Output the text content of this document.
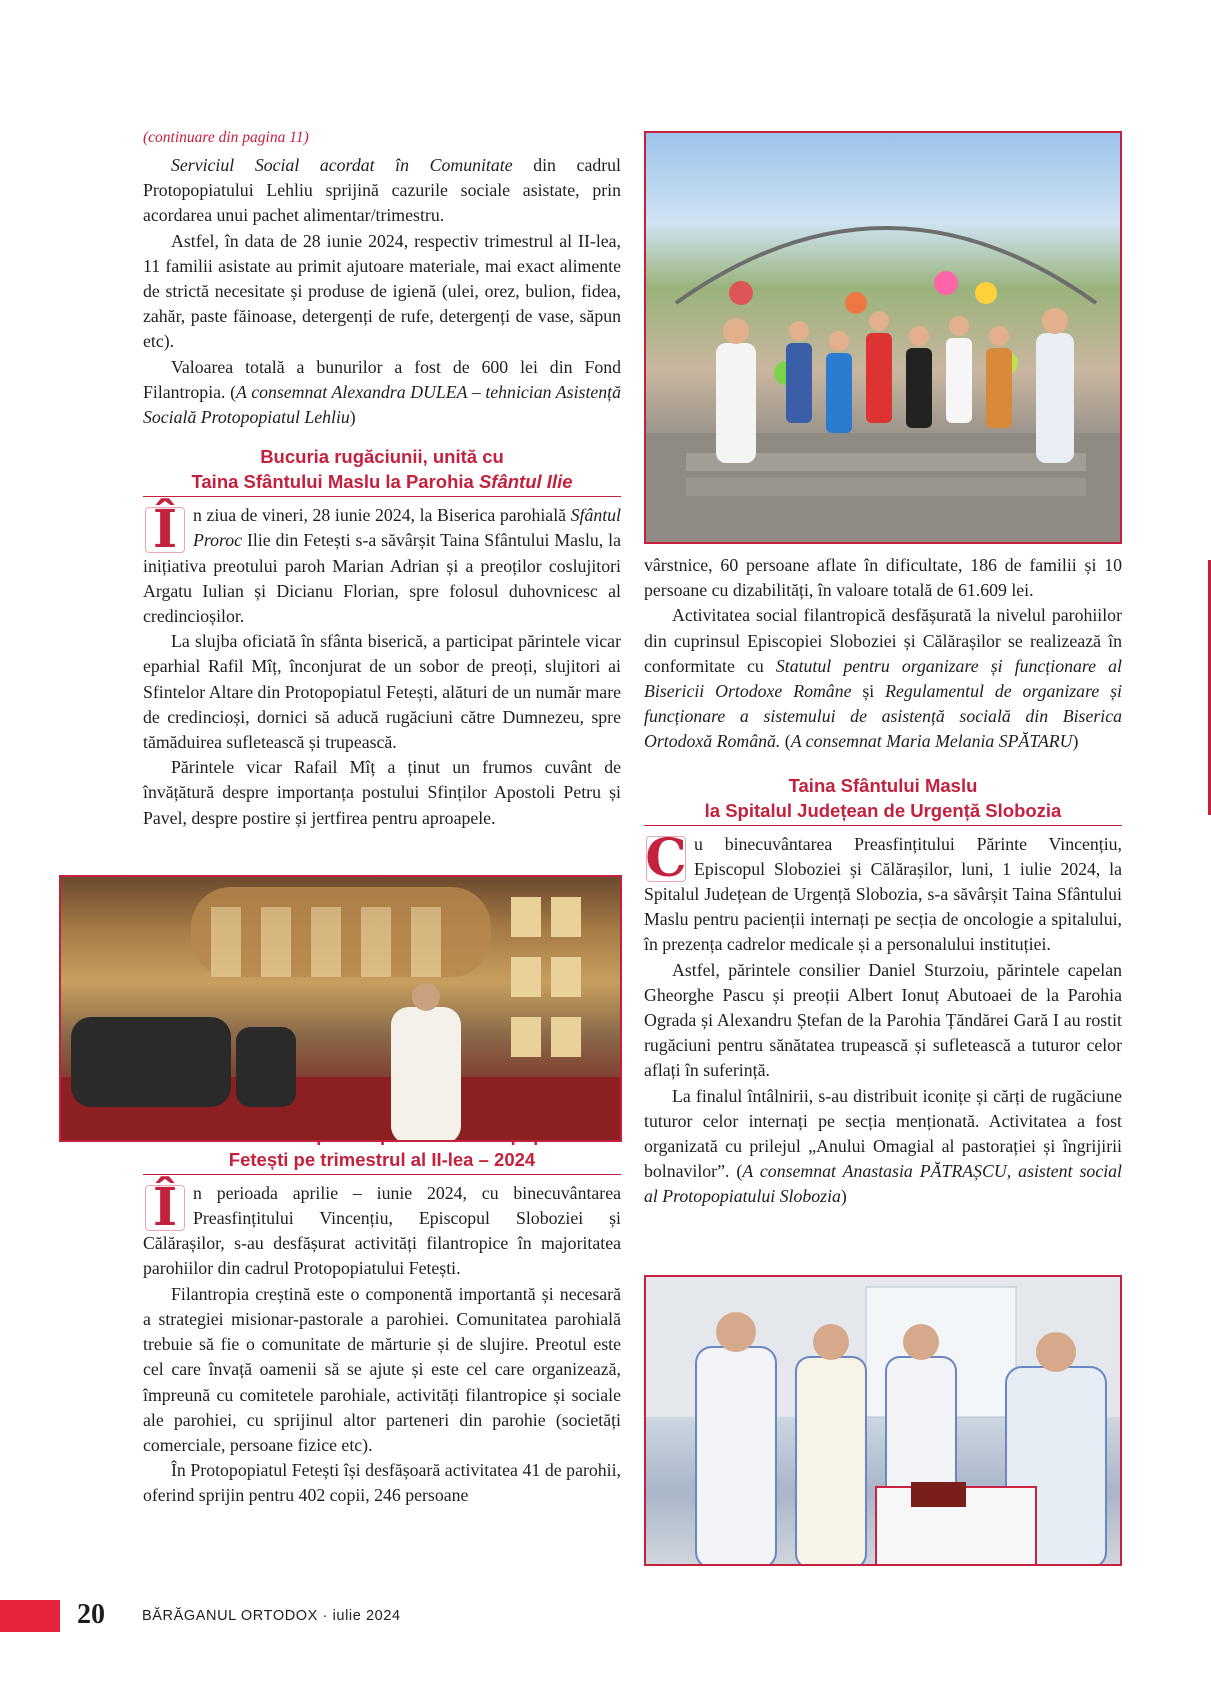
(continuare din pagina 11)

Serviciul Social acordat în Comunitate din cadrul Protopopiatului Lehliu sprijină cazurile sociale asistate, prin acordarea unui pachet alimentar/trimestru.

Astfel, în data de 28 iunie 2024, respectiv trimestrul al II-lea, 11 familii asistate au primit ajutoare materiale, mai exact alimente de strictă necesitate și produse de igienă (ulei, orez, bulion, fidea, zahăr, paste făinoase, detergenți de rufe, detergenți de vase, săpun etc).

Valoarea totală a bunurilor a fost de 600 lei din Fond Filantropia. (A consemnat Alexandra DULEA – tehnician Asistență Socială Protopopiatul Lehliu)

Bucuria rugăciunii, unită cu
Taina Sfântului Maslu la Parohia Sfântul Ilie

În ziua de vineri, 28 iunie 2024, la Biserica parohială Sfântul Proroc Ilie din Fetești s-a săvârșit Taina Sfântului Maslu, la inițiativa preotului paroh Marian Adrian și a preoților coslujitori Argatu Iulian și Dicianu Florian, spre folosul duhovnicesc al credincioșilor.

La slujba oficiată în sfânta biserică, a participat părintele vicar eparhial Rafil Mîț, înconjurat de un sobor de preoți, slujitori ai Sfintelor Altare din Protopopiatul Fetești, alături de un număr mare de credincioși, dornici să aducă rugăciuni către Dumnezeu, spre tămăduirea sufletească și trupească.

Părintele vicar Rafail Mîț a ținut un frumos cuvânt de învățătură despre importanța postului Sfinților Apostoli Petru și Pavel, despre postire și jertfirea pentru aproapele.

Fetești pe trimestrul al II-lea – 2024

În perioada aprilie – iunie 2024, cu binecuvântarea Preasfințitului Vincențiu, Episcopul Sloboziei și Călărașilor, s-au desfășurat activități filantropice în majoritatea parohiilor din cadrul Protopopiatului Fetești.

Filantropia creștină este o componentă importantă și necesară a strategiei misionar-pastorale a parohiei. Comunitatea parohială trebuie să fie o comunitate de mărturie și de slujire. Preotul este cel care învață oamenii să se ajute și este cel care organizează, împreună cu comitetele parohiale, activități filantropice și sociale ale parohiei, cu sprijinul altor parteneri din parohie (societăți comerciale, persoane fizice etc).

În Protopopiatul Fetești își desfășoară activitatea 41 de parohii, oferind sprijin pentru 402 copii, 246 persoane

vârstnice, 60 persoane aflate în dificultate, 186 de familii și 10 persoane cu dizabilități, în valoare totală de 61.609 lei.

Activitatea social filantropică desfășurată la nivelul parohiilor din cuprinsul Episcopiei Sloboziei și Călărașilor se realizează în conformitate cu Statutul pentru organizare și funcționare al Bisericii Ortodoxe Române și Regulamentul de organizare și funcționare a sistemului de asistență socială din Biserica Ortodoxă Română. (A consemnat Maria Melania SPĂTARU)

Taina Sfântului Maslu
la Spitalul Județean de Urgență Slobozia

Cu binecuvântarea Preasfințitului Părinte Vincențiu, Episcopul Sloboziei și Călărașilor, luni, 1 iulie 2024, la Spitalul Județean de Urgență Slobozia, s-a săvârșit Taina Sfântului Maslu pentru pacienții internați pe secția de oncologie a spitalului, în prezența cadrelor medicale și a personalului instituției.

Astfel, părintele consilier Daniel Sturzoiu, părintele capelan Gheorghe Pascu și preoții Albert Ionuț Abutoaei de la Parohia Ograda și Alexandru Ștefan de la Parohia Țăndărei Gară I au rostit rugăciuni pentru sănătatea trupească și sufletească a tuturor celor aflați în suferință.

La finalul întâlnirii, s-au distribuit iconițe și cărți de rugăciune tuturor celor internați pe secția menționată. Activitatea a fost organizată cu prilejul „Anului Omagial al pastorației și îngrijirii bolnavilor”. (A consemnat Anastasia PĂTRAȘCU, asistent social al Protopopiatului Slobozia)

20	BĂRĂGANUL ORTODOX · iulie 2024
